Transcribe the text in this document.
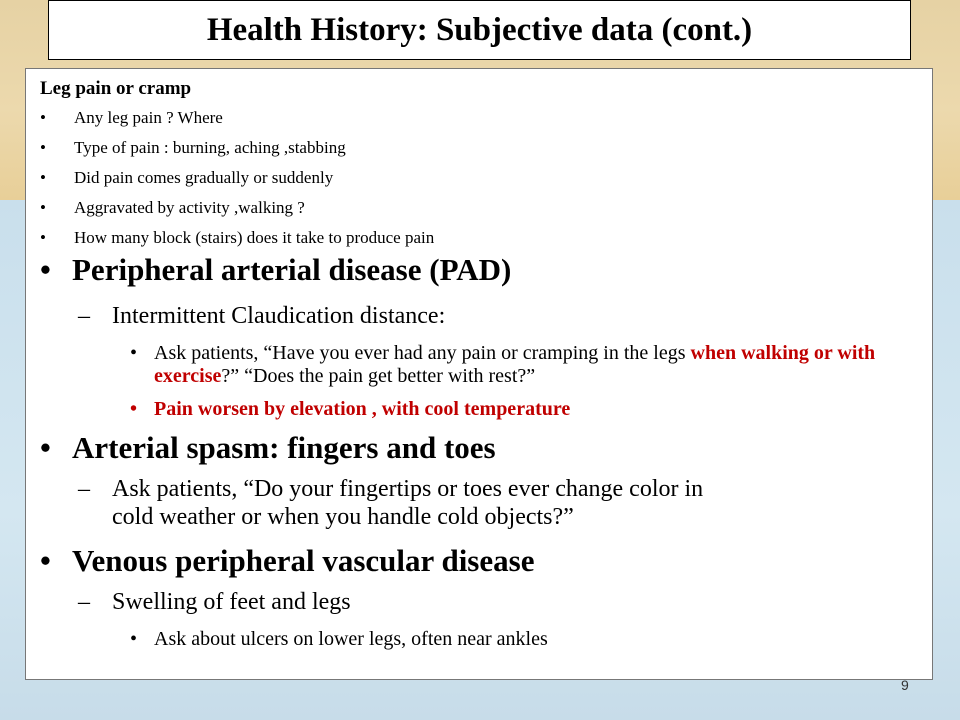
Health History: Subjective data (cont.)
Leg pain or cramp
• Any leg pain ? Where
• Type of pain : burning, aching ,stabbing
• Did pain comes gradually or suddenly
• Aggravated by activity ,walking ?
• How many block (stairs) does it take to produce pain
• Peripheral arterial disease (PAD)
– Intermittent Claudication distance:
• Ask patients, “Have you ever had any pain or cramping in the legs when walking or with exercise?” “Does the pain get better with rest?”
• Pain worsen by elevation , with cool temperature
• Arterial spasm: fingers and toes
– Ask patients, “Do your fingertips or toes ever change color in
cold weather or when you handle cold objects?”
• Venous peripheral vascular disease
– Swelling of feet and legs
• Ask about ulcers on lower legs, often near ankles
9
